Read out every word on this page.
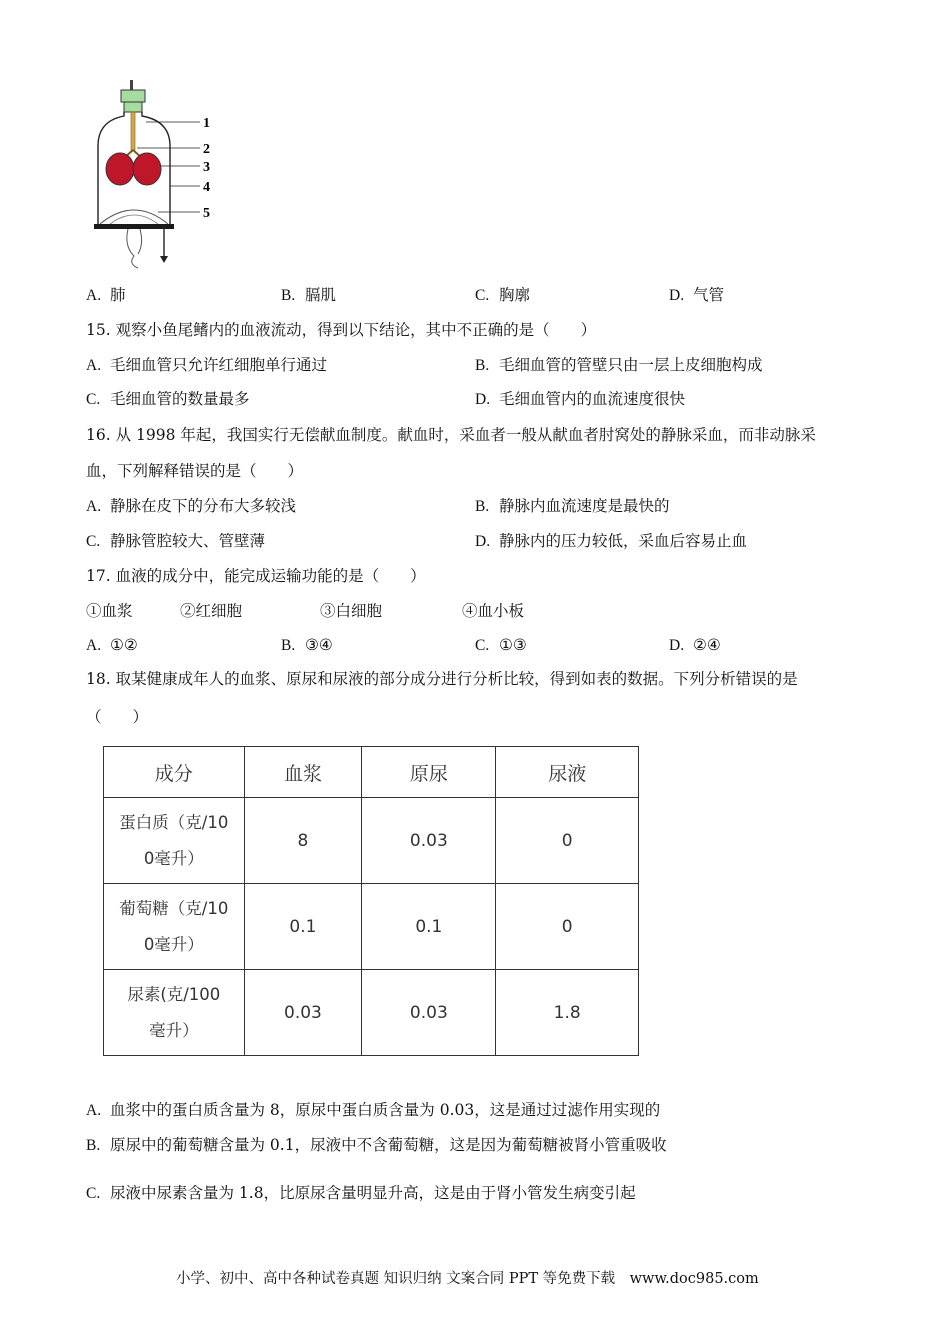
1
2
3
4
5
A. 肺	B. 膈肌	C. 胸廓	D. 气管
15. 观察小鱼尾鳍内的血液流动，得到以下结论，其中不正确的是（　　）
A. 毛细血管只允许红细胞单行通过	B. 毛细血管的管壁只由一层上皮细胞构成
C. 毛细血管的数量最多	D. 毛细血管内的血流速度很快
16. 从 1998 年起，我国实行无偿献血制度。献血时，采血者一般从献血者肘窝处的静脉采血，而非动脉采
血，下列解释错误的是（　　）
A. 静脉在皮下的分布大多较浅	B. 静脉内血流速度是最快的
C. 静脉管腔较大、管壁薄	D. 静脉内的压力较低，采血后容易止血
17. 血液的成分中，能完成运输功能的是（　　）
①血浆	②红细胞	③白细胞	④血小板
A. ①②	B. ③④	C. ①③	D. ②④
18. 取某健康成年人的血浆、原尿和尿液的部分成分进行分析比较，得到如表的数据。下列分析错误的是
（　　）
成分	血浆	原尿	尿液

蛋白质（克/10
0毫升）	8	0.03	0

葡萄糖（克/10
0毫升）	0.1	0.1	0

尿素(克/100
毫升）	0.03	0.03	1.8
A. 血浆中的蛋白质含量为 8，原尿中蛋白质含量为 0.03，这是通过过滤作用实现的
B. 原尿中的葡萄糖含量为 0.1，尿液中不含葡萄糖，这是因为葡萄糖被肾小管重吸收
C. 尿液中尿素含量为 1.8，比原尿含量明显升高，这是由于肾小管发生病变引起
小学、初中、高中各种试卷真题 知识归纳 文案合同 PPT 等免费下载　www.doc985.com
